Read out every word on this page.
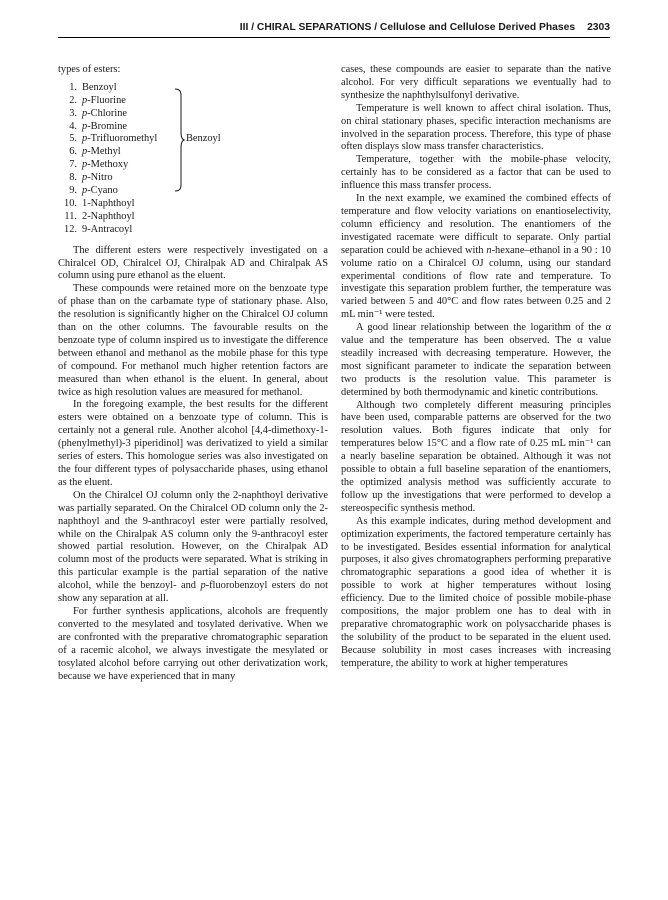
III / CHIRAL SEPARATIONS / Cellulose and Cellulose Derived Phases 2303

types of esters:

1. Benzoyl
2. p-Fluorine
3. p-Chlorine
4. p-Bromine
5. p-Trifluoromethyl
6. p-Methyl
7. p-Methoxy
8. p-Nitro
9. p-Cyano
10. 1-Naphthoyl
11. 2-Naphthoyl
12. 9-Antracoyl
Benzoyl

The different esters were respectively investigated on a Chiralcel OD, Chiralcel OJ, Chiralpak AD and Chiralpak AS column using pure ethanol as the eluent.

These compounds were retained more on the benzoate type of phase than on the carbamate type of stationary phase. Also, the resolution is significantly higher on the Chiralcel OJ column than on the other columns. The favourable results on the benzoate type of column inspired us to investigate the difference between ethanol and methanol as the mobile phase for this type of compound. For methanol much higher retention factors are measured than when ethanol is the eluent. In general, about twice as high resolution values are measured for methanol.

In the foregoing example, the best results for the different esters were obtained on a benzoate type of column. This is certainly not a general rule. Another alcohol [4,4-dimethoxy-1-(phenylmethyl)-3 piperidinol] was derivatized to yield a similar series of esters. This homologue series was also investigated on the four different types of polysaccharide phases, using ethanol as the eluent.

On the Chiralcel OJ column only the 2-naphthoyl derivative was partially separated. On the Chiralcel OD column only the 2-naphthoyl and the 9-anthracoyl ester were partially resolved, while on the Chiralpak AS column only the 9-anthracoyl ester showed partial resolution. However, on the Chiralpak AD column most of the products were separated. What is striking in this particular example is the partial separation of the native alcohol, while the benzoyl- and p-fluorobenzoyl esters do not show any separation at all.

For further synthesis applications, alcohols are frequently converted to the mesylated and tosylated derivative. When we are confronted with the preparative chromatographic separation of a racemic alcohol, we always investigate the mesylated or tosylated alcohol before carrying out other derivatization work, because we have experienced that in many

cases, these compounds are easier to separate than the native alcohol. For very difficult separations we eventually had to synthesize the naphthylsulfonyl derivative.

Temperature is well known to affect chiral isolation. Thus, on chiral stationary phases, specific interaction mechanisms are involved in the separation process. Therefore, this type of phase often displays slow mass transfer characteristics.

Temperature, together with the mobile-phase velocity, certainly has to be considered as a factor that can be used to influence this mass transfer process.

In the next example, we examined the combined effects of temperature and flow velocity variations on enantioselectivity, column efficiency and resolution. The enantiomers of the investigated racemate were difficult to separate. Only partial separation could be achieved with n-hexane–ethanol in a 90 : 10 volume ratio on a Chiralcel OJ column, using our standard experimental conditions of flow rate and temperature. To investigate this separation problem further, the temperature was varied between 5 and 40°C and flow rates between 0.25 and 2 mL min⁻¹ were tested.

A good linear relationship between the logarithm of the α value and the temperature has been observed. The α value steadily increased with decreasing temperature. However, the most significant parameter to indicate the separation between two products is the resolution value. This parameter is determined by both thermodynamic and kinetic contributions.

Although two completely different measuring principles have been used, comparable patterns are observed for the two resolution values. Both figures indicate that only for temperatures below 15°C and a flow rate of 0.25 mL min⁻¹ can a nearly baseline separation be obtained. Although it was not possible to obtain a full baseline separation of the enantiomers, the optimized analysis method was sufficiently accurate to follow up the investigations that were performed to develop a stereospecific synthesis method.

As this example indicates, during method development and optimization experiments, the factored temperature certainly has to be investigated. Besides essential information for analytical purposes, it also gives chromatographers performing preparative chromatographic separations a good idea of whether it is possible to work at higher temperatures without losing efficiency. Due to the limited choice of possible mobile-phase compositions, the major problem one has to deal with in preparative chromatographic work on polysaccharide phases is the solubility of the product to be separated in the eluent used. Because solubility in most cases increases with increasing temperature, the ability to work at higher temperatures
